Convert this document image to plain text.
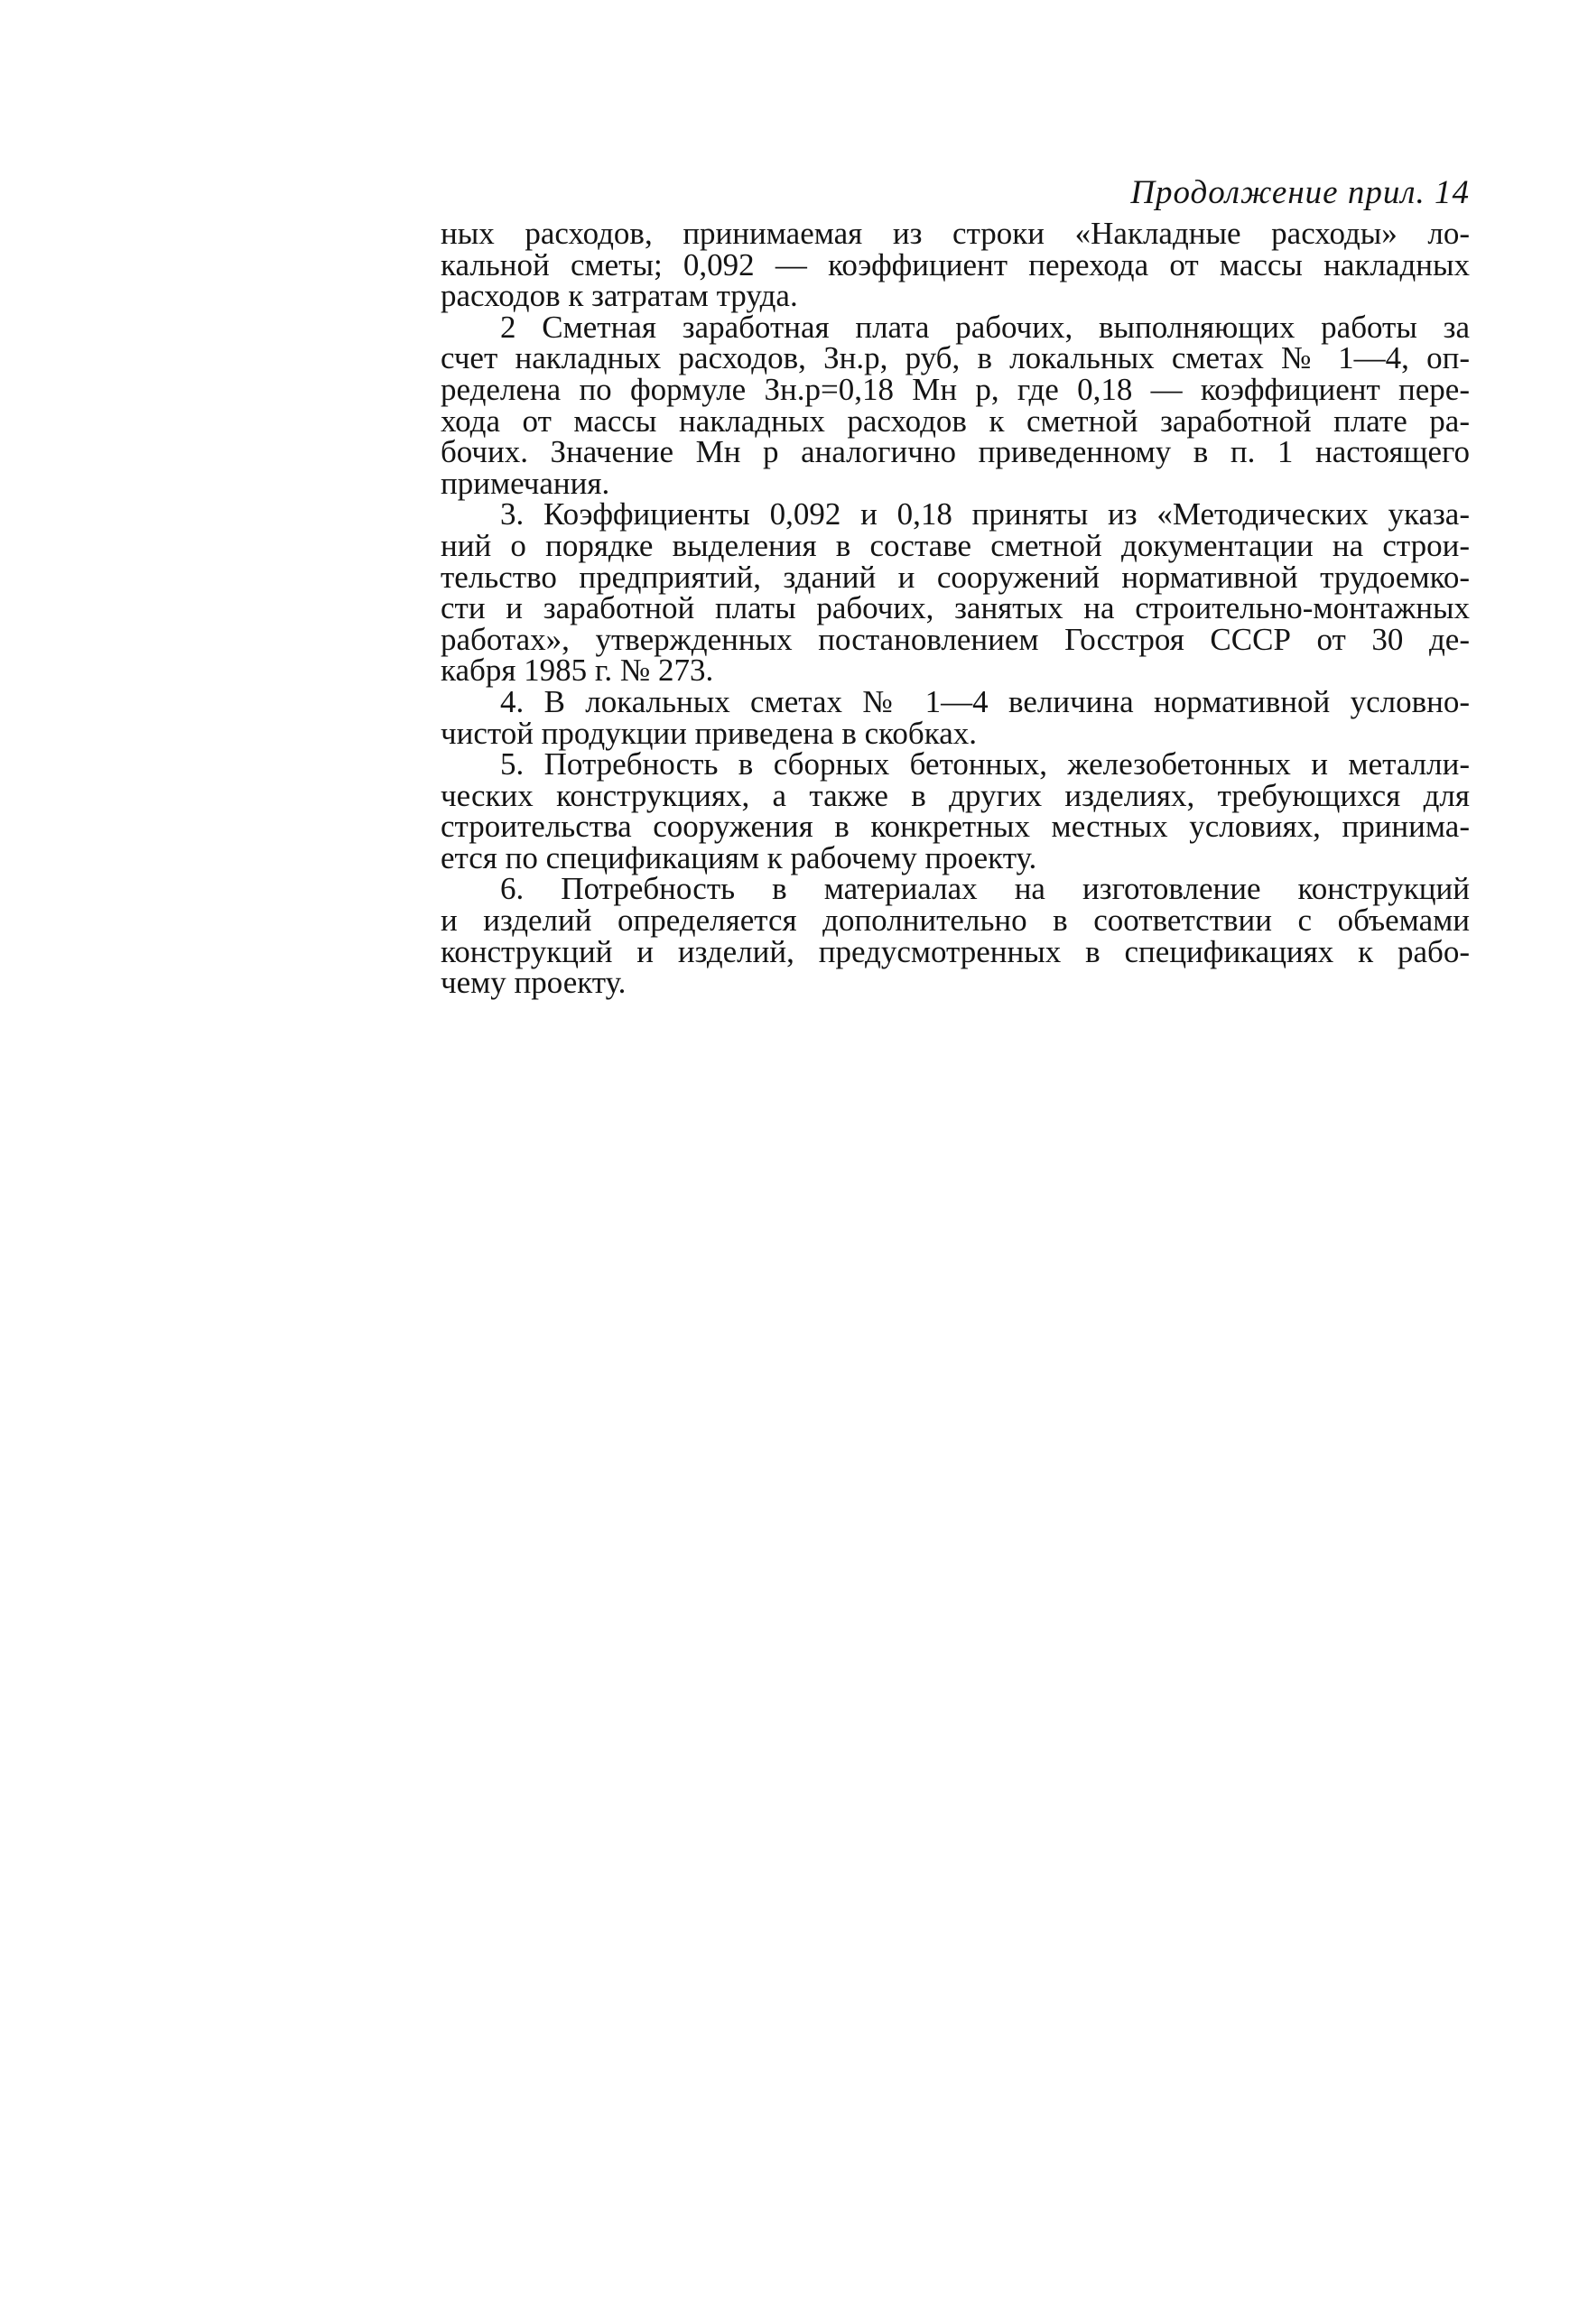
Продолжение прил. 14
ных расходов, принимаемая из строки «Накладные расходы» ло-
кальной сметы; 0,092 — коэффициент перехода от массы накладных
расходов к затратам труда.
2 Сметная заработная плата рабочих, выполняющих работы за
счет накладных расходов, Зн.р, руб, в локальных сметах № 1—4, оп-
ределена по формуле Зн.р=0,18 Мн р, где 0,18 — коэффициент пере-
хода от массы накладных расходов к сметной заработной плате ра-
бочих. Значение Мн р аналогично приведенному в п. 1 настоящего
примечания.
3. Коэффициенты 0,092 и 0,18 приняты из «Методических указа-
ний о порядке выделения в составе сметной документации на строи-
тельство предприятий, зданий и сооружений нормативной трудоемко-
сти и заработной платы рабочих, занятых на строительно-монтажных
работах», утвержденных постановлением Госстроя СССР от 30 де-
кабря 1985 г. № 273.
4. В локальных сметах № 1—4 величина нормативной условно-
чистой продукции приведена в скобках.
5. Потребность в сборных бетонных, железобетонных и металли-
ческих конструкциях, а также в других изделиях, требующихся для
строительства сооружения в конкретных местных условиях, принима-
ется по спецификациям к рабочему проекту.
6. Потребность в материалах на изготовление конструкций
и изделий определяется дополнительно в соответствии с объемами
конструкций и изделий, предусмотренных в спецификациях к рабо-
чему проекту.
